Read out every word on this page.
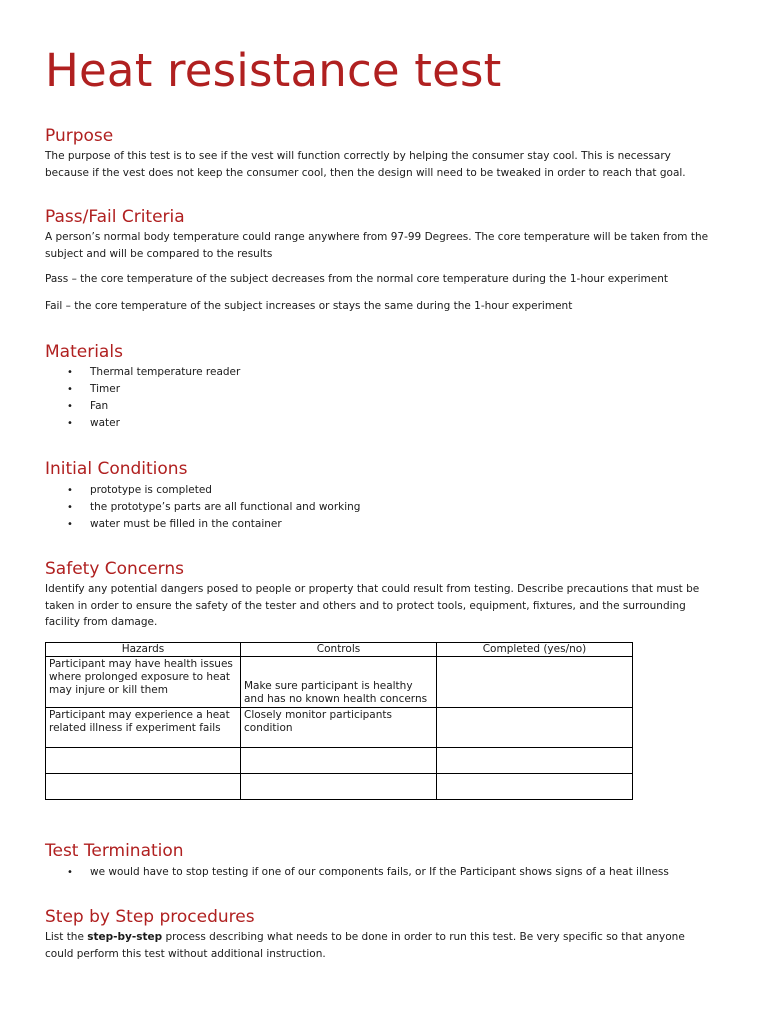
Heat resistance test
Purpose

The purpose of this test is to see if the vest will function correctly by helping the consumer stay cool. This is necessary because if the vest does not keep the consumer cool, then the design will need to be tweaked in order to reach that goal.

Pass/Fail Criteria

A person’s normal body temperature could range anywhere from 97-99 Degrees. The core temperature will be taken from the subject and will be compared to the results

Pass – the core temperature of the subject decreases from the normal core temperature during the 1-hour experiment

Fail – the core temperature of the subject increases or stays the same during the 1-hour experiment

Materials
• Thermal temperature reader
• Timer
• Fan
• water
Initial Conditions
• prototype is completed
• the prototype’s parts are all functional and working
• water must be filled in the container
Safety Concerns

Identify any potential dangers posed to people or property that could result from testing. Describe precautions that must be taken in order to ensure the safety of the tester and others and to protect tools, equipment, fixtures, and the surrounding facility from damage.

Hazards	Controls	Completed (yes/no)
Participant may have health issues where prolonged exposure to heat may injure or kill them	Make sure participant is healthy and has no known health concerns	
Participant may experience a heat related illness if experiment fails	Closely monitor participants condition	

Test Termination
• we would have to stop testing if one of our components fails, or If the Participant shows signs of a heat illness
Step by Step procedures

List the step-by-step process describing what needs to be done in order to run this test. Be very specific so that anyone could perform this test without additional instruction.
